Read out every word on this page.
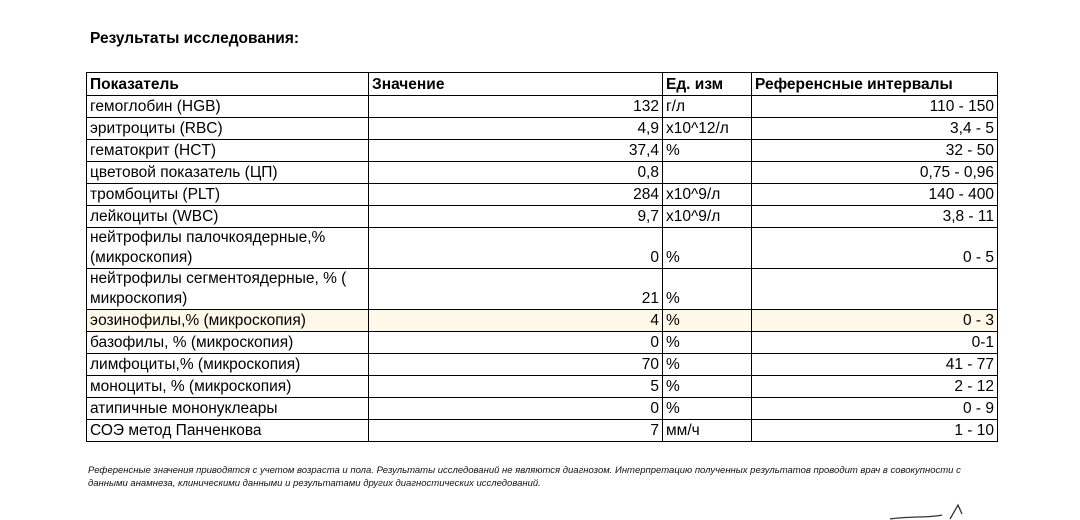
Результаты исследования:
Показатель	Значение	Ед. изм	Референсные интервалы
гемоглобин (HGB)	132	г/л	110 - 150
эритроциты (RBC)	4,9	x10^12/л	3,4 - 5
гематокрит (HCT)	37,4	%	32 - 50
цветовой показатель (ЦП)	0,8		0,75 - 0,96
тромбоциты (PLT)	284	x10^9/л	140 - 400
лейкоциты (WBC)	9,7	x10^9/л	3,8 - 11
нейтрофилы палочкоядерные,% (микроскопия)	0	%	0 - 5
нейтрофилы сегментоядерные, % ( микроскопия)	21	%	
эозинофилы,% (микроскопия)	4	%	0 - 3
базофилы, % (микроскопия)	0	%	0-1
лимфоциты,% (микроскопия)	70	%	41 - 77
моноциты, % (микроскопия)	5	%	2 - 12
атипичные мононуклеары	0	%	0 - 9
СОЭ метод Панченкова	7	мм/ч	1 - 10
Референсные значения приводятся с учетом возраста и пола. Результаты исследований не являются диагнозом. Интерпретацию полученных результатов проводит врач в совокупности с данными анамнеза, клиническими данными и результатами других диагностических исследований.
